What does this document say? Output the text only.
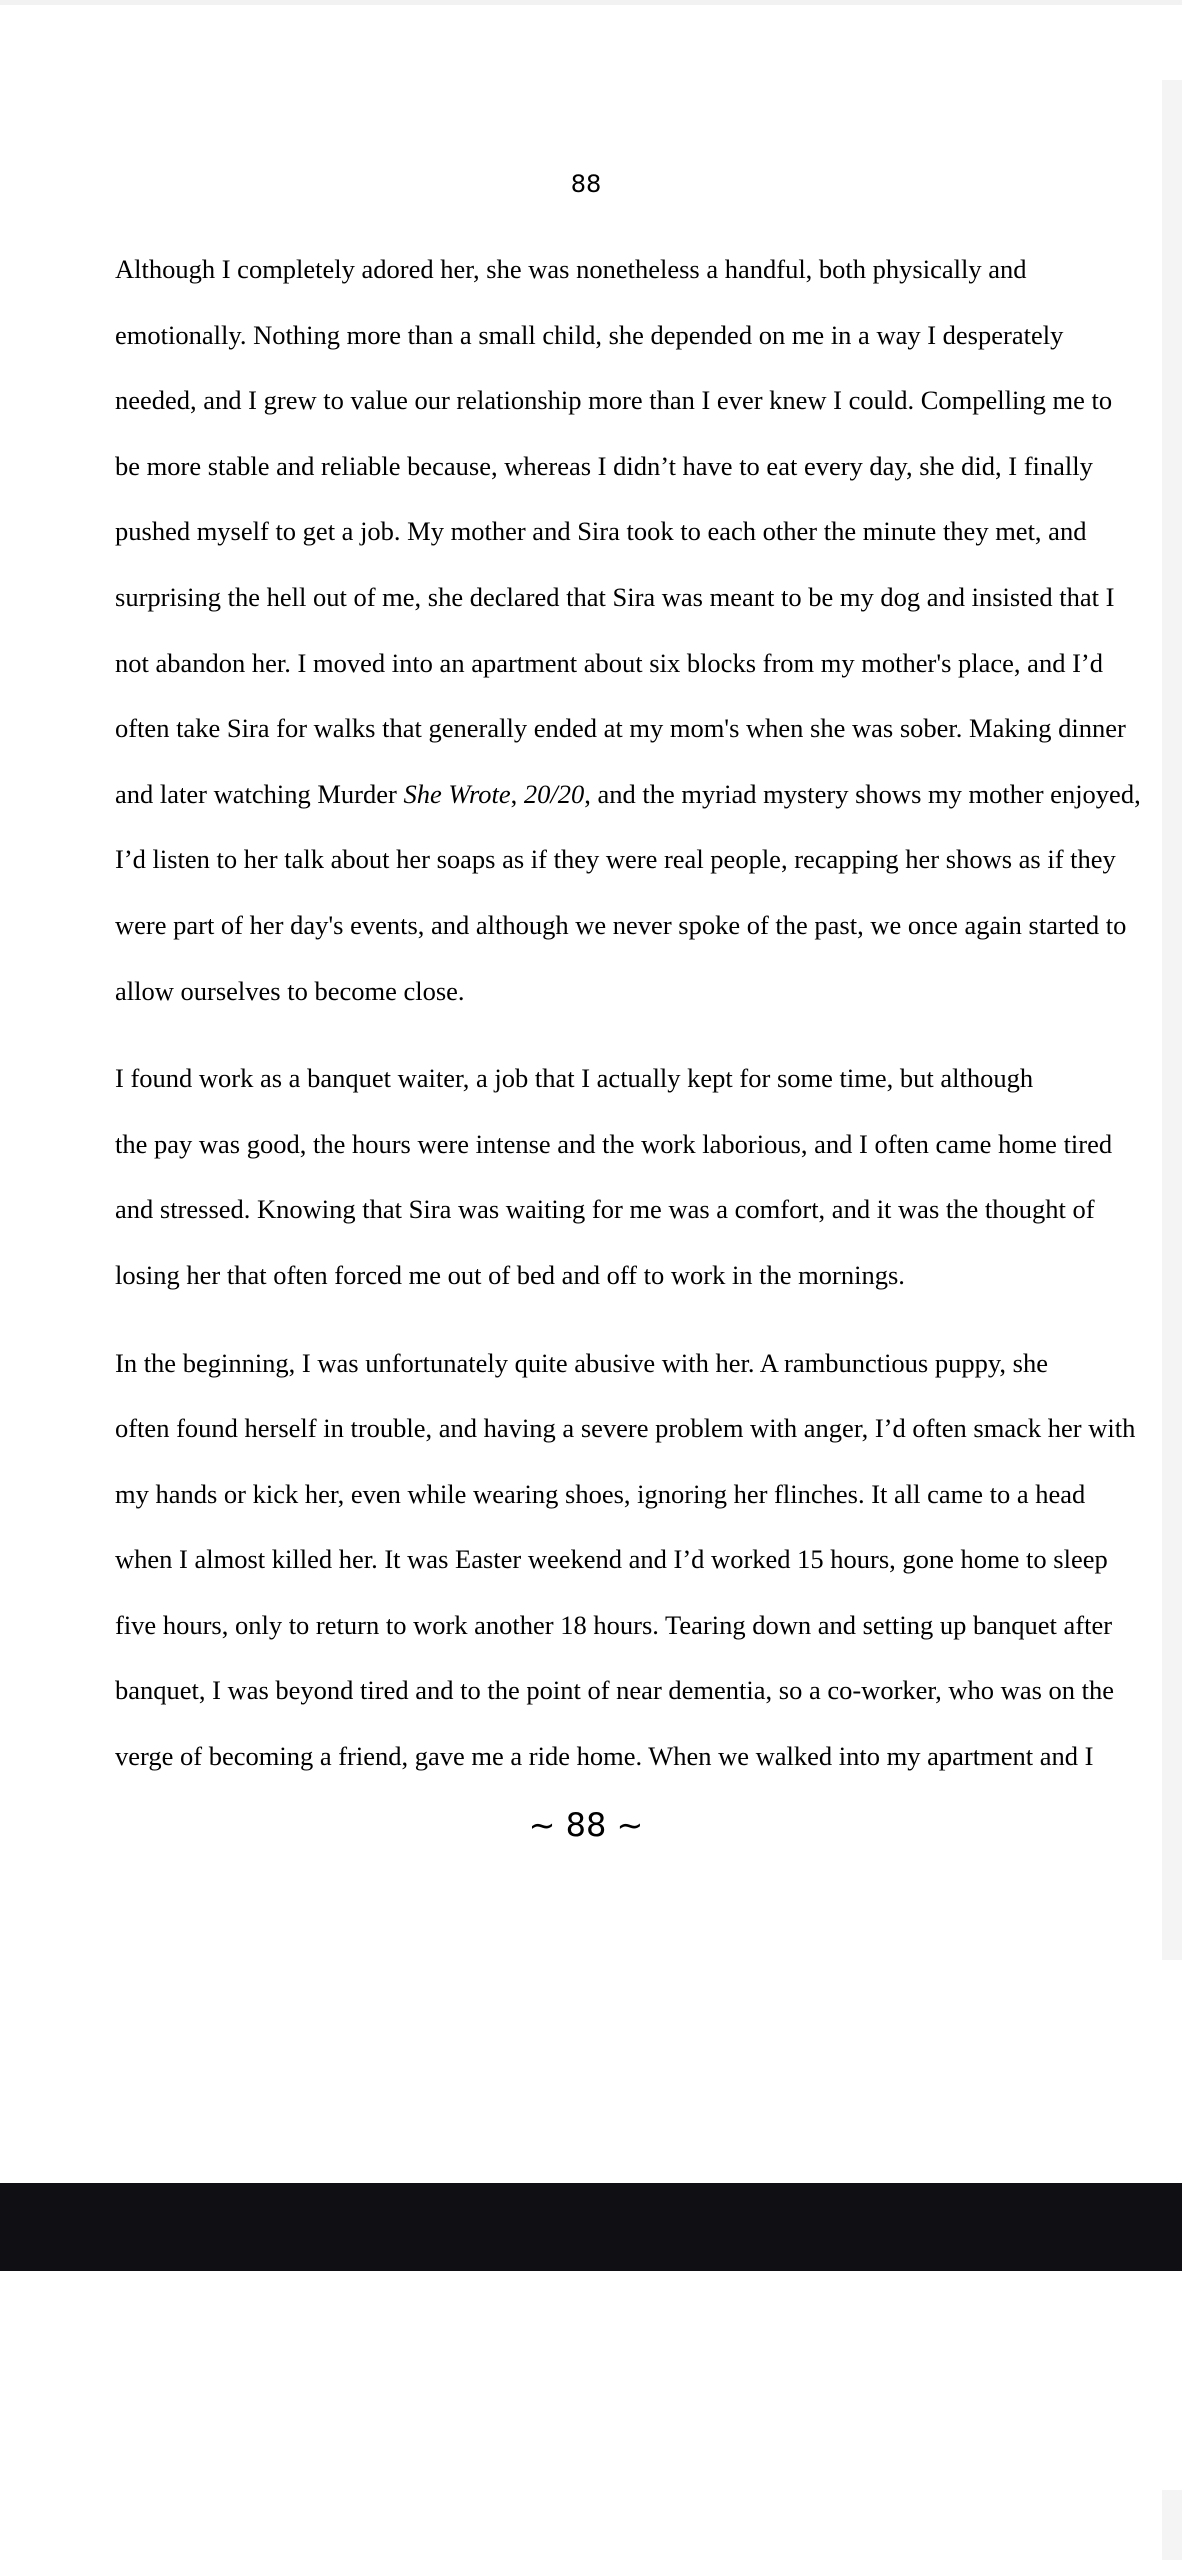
88

Although I completely adored her, she was nonetheless a handful, both physically and
emotionally. Nothing more than a small child, she depended on me in a way I desperately
needed, and I grew to value our relationship more than I ever knew I could. Compelling me to
be more stable and reliable because, whereas I didn’t have to eat every day, she did, I finally
pushed myself to get a job. My mother and Sira took to each other the minute they met, and
surprising the hell out of me, she declared that Sira was meant to be my dog and insisted that I
not abandon her. I moved into an apartment about six blocks from my mother's place, and I’d
often take Sira for walks that generally ended at my mom's when she was sober. Making dinner
and later watching Murder She Wrote, 20/20, and the myriad mystery shows my mother enjoyed,
I’d listen to her talk about her soaps as if they were real people, recapping her shows as if they
were part of her day's events, and although we never spoke of the past, we once again started to
allow ourselves to become close.

I found work as a banquet waiter, a job that I actually kept for some time, but although
the pay was good, the hours were intense and the work laborious, and I often came home tired
and stressed. Knowing that Sira was waiting for me was a comfort, and it was the thought of
losing her that often forced me out of bed and off to work in the mornings.

In the beginning, I was unfortunately quite abusive with her. A rambunctious puppy, she
often found herself in trouble, and having a severe problem with anger, I’d often smack her with
my hands or kick her, even while wearing shoes, ignoring her flinches. It all came to a head
when I almost killed her. It was Easter weekend and I’d worked 15 hours, gone home to sleep
five hours, only to return to work another 18 hours. Tearing down and setting up banquet after
banquet, I was beyond tired and to the point of near dementia, so a co-worker, who was on the
verge of becoming a friend, gave me a ride home. When we walked into my apartment and I

~ 88 ~
